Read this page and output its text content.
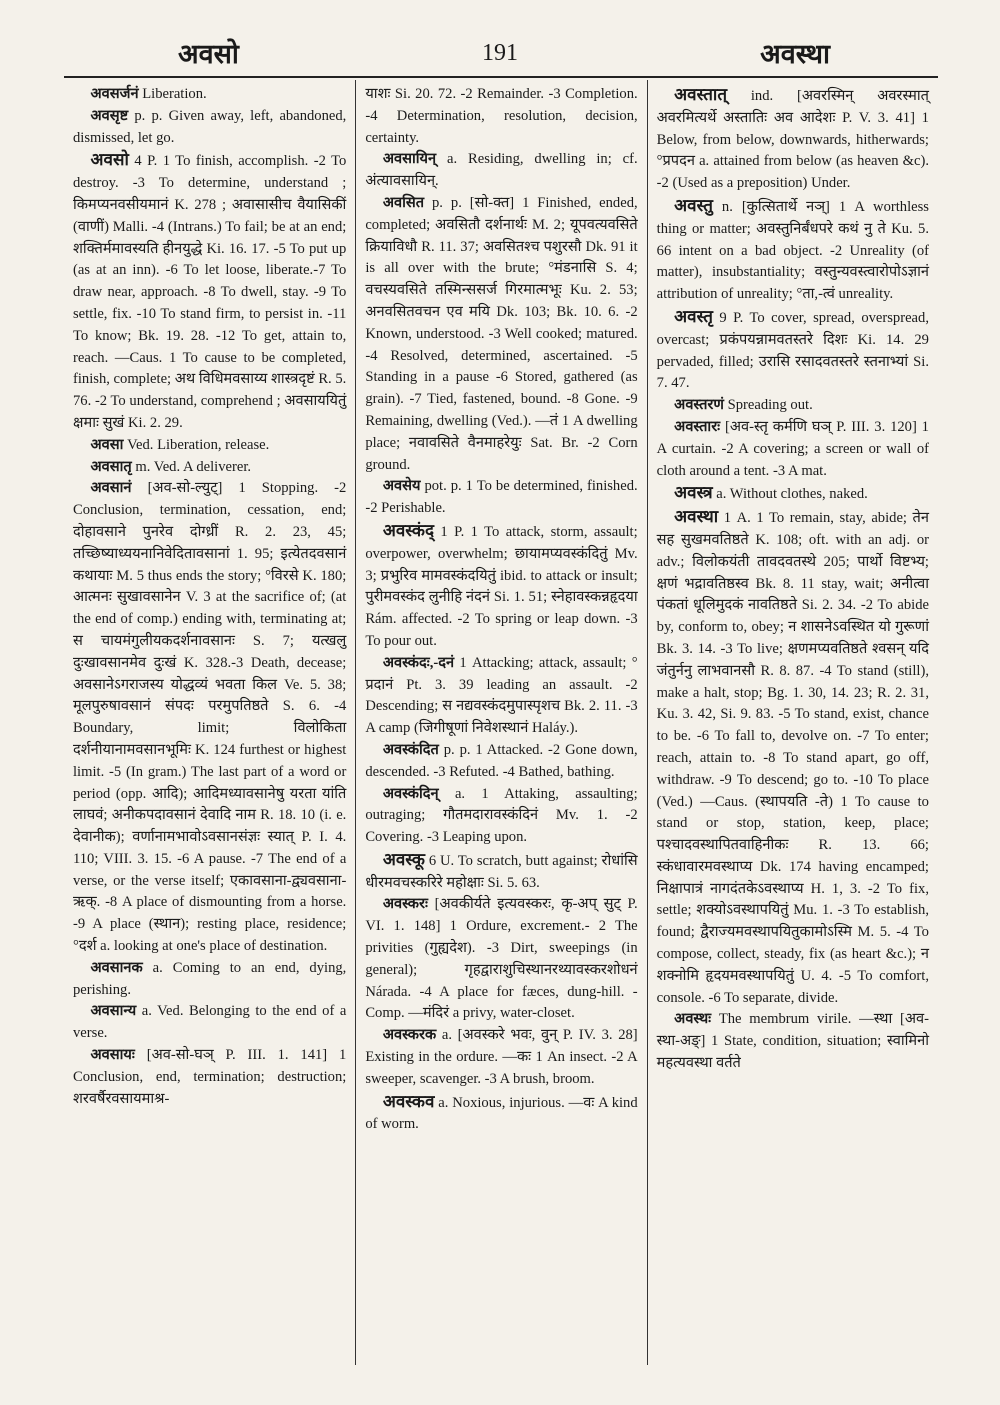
अवसो	191	अवस्था

अवसर्जनं Liberation.

अवसृष्ट p. p. Given away, left, abandoned, dismissed, let go.

अवसो 4 P. 1 To finish, accomplish. -2 To destroy. -3 To determine, understand ; किमप्यनवसीयमानं K. 278 ; अवासासीच वैयासिकीं (वाणीं) Malli. -4 (Intrans.) To fail; be at an end; शक्तिर्ममावस्यति हीनयुद्धे Ki. 16. 17. -5 To put up (as at an inn). -6 To let loose, liberate.-7 To draw near, approach. -8 To dwell, stay. -9 To settle, fix. -10 To stand firm, to persist in. -11 To know; Bk. 19. 28. -12 To get, attain to, reach. —Caus. 1 To cause to be completed, finish, complete; अथ विधिमवसाय्य शास्त्रदृष्टं R. 5. 76. -2 To understand, comprehend ; अवसाययितुं क्षमाः सुखं Ki. 2. 29.

अवसा Ved. Liberation, release.

अवसातृ m. Ved. A deliverer.

अवसानं [अव-सो-ल्युट्] 1 Stopping. -2 Conclusion, termination, cessation, end; दोहावसाने पुनरेव दोग्ध्रीं R. 2. 23, 45; तच्छिष्याध्ययनानिवेदितावसानां 1. 95; इत्येतदवसानं कथायाः M. 5 thus ends the story; °विरसे K. 180; आत्मनः सुखावसानेन V. 3 at the sacrifice of; (at the end of comp.) ending with, terminating at; स चायमंगुलीयकदर्शनावसानः S. 7; यत्खलु दुःखावसानमेव दुःखं K. 328.-3 Death, decease; अवसानेऽगराजस्य योद्धव्यं भवता किल Ve. 5. 38; मूलपुरुषावसानं संपदः परमुपतिष्ठते S. 6. -4 Boundary, limit; विलोकिता दर्शनीयानामवसानभूमिः K. 124 furthest or highest limit. -5 (In gram.) The last part of a word or period (opp. आदि); आदिमध्यावसानेषु यरता यांति लाघवं; अनीकपदावसानं देवादि नाम R. 18. 10 (i. e. देवानीक); वर्णानामभावोऽवसानसंज्ञः स्यात् P. I. 4. 110; VIII. 3. 15. -6 A pause. -7 The end of a verse, or the verse itself; एकावसाना-द्व्यवसाना-ऋक्. -8 A place of dismounting from a horse. -9 A place (स्थान); resting place, residence; °दर्श a. looking at one's place of destination.

अवसानक a. Coming to an end, dying, perishing.

अवसान्य a. Ved. Belonging to the end of a verse.

अवसायः [अव-सो-घञ् P. III. 1. 141] 1 Conclusion, end, termination; destruction; शरवर्षैरवसायमाश्र-

याशः Si. 20. 72. -2 Remainder. -3 Completion. -4 Determination, resolution, decision, certainty.

अवसायिन् a. Residing, dwelling in; cf. अंत्यावसायिन्.

अवसित p. p. [सो-क्त] 1 Finished, ended, completed; अवसितौ दर्शनार्थः M. 2; यूपवत्यवसिते क्रियाविधौ R. 11. 37; अवसितश्च पशुरसौ Dk. 91 it is all over with the brute; °मंडनासि S. 4; वचस्यवसिते तस्मिन्ससर्ज गिरमात्मभूः Ku. 2. 53; अनवसितवचन एव मयि Dk. 103; Bk. 10. 6. -2 Known, understood. -3 Well cooked; matured. -4 Resolved, determined, ascertained. -5 Standing in a pause -6 Stored, gathered (as grain). -7 Tied, fastened, bound. -8 Gone. -9 Remaining, dwelling (Ved.). —तं 1 A dwelling place; नवावसिते वैनमाहरेयुः Sat. Br. -2 Corn ground.

अवसेय pot. p. 1 To be determined, finished. -2 Perishable.

अवस्कंद् 1 P. 1 To attack, storm, assault; overpower, overwhelm; छायामप्यवस्कंदितुं Mv. 3; प्रभुरिव मामवस्कंदयितुं ibid. to attack or insult; पुरीमवस्कंद लुनीहि नंदनं Si. 1. 51; स्नेहावस्कन्नहृदया Rám. affected. -2 To spring or leap down. -3 To pour out.

अवस्कंदः,-दनं 1 Attacking; attack, assault; ° प्रदानं Pt. 3. 39 leading an assault. -2 Descending; स नद्यवस्कंदमुपास्पृशच Bk. 2. 11. -3 A camp (जिगीषूणां निवेशस्थानं Haláy.).

अवस्कंदित p. p. 1 Attacked. -2 Gone down, descended. -3 Refuted. -4 Bathed, bathing.

अवस्कंदिन् a. 1 Attaking, assaulting; outraging; गौतमदारावस्कंदिनं Mv. 1. -2 Covering. -3 Leaping upon.

अवस्कू 6 U. To scratch, butt against; रोधांसि धीरमवचस्करिरे महोक्षाः Si. 5. 63.

अवस्करः [अवकीर्यते इत्यवस्करः, कृ-अप् सुट् P. VI. 1. 148] 1 Ordure, excrement.- 2 The privities (गुह्यदेश). -3 Dirt, sweepings (in general); गृहद्वाराशुचिस्थानरथ्यावस्करशोधनं Nárada. -4 A place for fæces, dung-hill. -Comp. —मंदिरं a privy, water-closet.

अवस्करक a. [अवस्करे भवः, वुन् P. IV. 3. 28] Existing in the ordure. —कः 1 An insect. -2 A sweeper, scavenger. -3 A brush, broom.

अवस्कव a. Noxious, injurious. —वः A kind of worm.

अवस्तात् ind. [अवरस्मिन् अवरस्मात् अवरमित्यर्थे अस्तातिः अव आदेशः P. V. 3. 41] 1 Below, from below, downwards, hitherwards; °प्रपदन a. attained from below (as heaven &c). -2 (Used as a preposition) Under.

अवस्तु n. [कुत्सितार्थे नञ्] 1 A worthless thing or matter; अवस्तुनिर्बंधपरे कथं नु ते Ku. 5. 66 intent on a bad object. -2 Unreality (of matter), insubstantiality; वस्तुन्यवस्त्वारोपोऽज्ञानं attribution of unreality; °ता,-त्वं unreality.

अवस्तृ 9 P. To cover, spread, overspread, overcast; प्रकंपयन्नामवतस्तरे दिशः Ki. 14. 29 pervaded, filled; उरासि रसादवतस्तरे स्तनाभ्यां Si. 7. 47.

अवस्तरणं Spreading out.

अवस्तारः [अव-स्तृ कर्मणि घञ् P. III. 3. 120] 1 A curtain. -2 A covering; a screen or wall of cloth around a tent. -3 A mat.

अवस्त्र a. Without clothes, naked.

अवस्था 1 A. 1 To remain, stay, abide; तेन सह सुखमवतिष्ठते K. 108; oft. with an adj. or adv.; विलोकयंती तावदवतस्थे 205; पार्थो विष्टभ्य; क्षणं भद्रावतिष्ठस्व Bk. 8. 11 stay, wait; अनीत्वा पंकतां धूलिमुदकं नावतिष्ठते Si. 2. 34. -2 To abide by, conform to, obey; न शासनेऽवस्थित यो गुरूणां Bk. 3. 14. -3 To live; क्षणमप्यवतिष्ठते श्वसन् यदि जंतुर्ननु लाभवानसौ R. 8. 87. -4 To stand (still), make a halt, stop; Bg. 1. 30, 14. 23; R. 2. 31, Ku. 3. 42, Si. 9. 83. -5 To stand, exist, chance to be. -6 To fall to, devolve on. -7 To enter; reach, attain to. -8 To stand apart, go off, withdraw. -9 To descend; go to. -10 To place (Ved.) —Caus. (स्थापयति -ते) 1 To cause to stand or stop, station, keep, place; पश्चादवस्थापितवाहिनीकः R. 13. 66; स्कंधावारमवस्थाप्य Dk. 174 having encamped; निक्षापात्रं नागदंतकेऽवस्थाप्य H. 1, 3. -2 To fix, settle; शक्योऽवस्थापयितुं Mu. 1. -3 To establish, found; द्वैराज्यमवस्थापयितुकामोऽस्मि M. 5. -4 To compose, collect, steady, fix (as heart &c.); न शक्नोमि हृदयमवस्थापयितुं U. 4. -5 To comfort, console. -6 To separate, divide.

अवस्थः The membrum virile. —स्था [अव-स्था-अङ्] 1 State, condition, situation; स्वामिनो महत्यवस्था वर्तते
